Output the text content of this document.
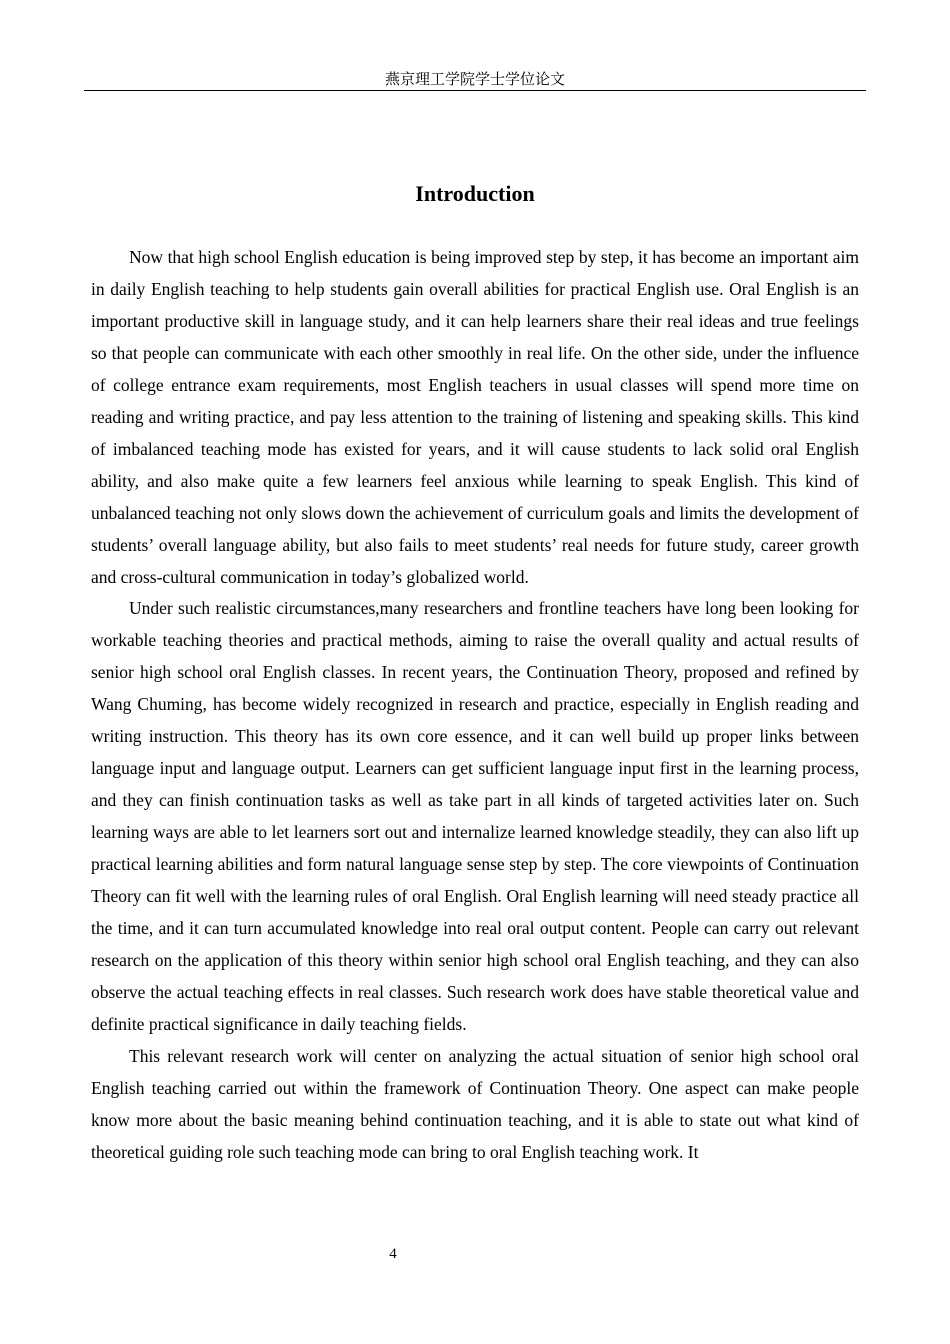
燕京理工学院学士学位论文
Introduction

Now that high school English education is being improved step by step, it has become an important aim in daily English teaching to help students gain overall abilities for practical English use. Oral English is an important productive skill in language study, and it can help learners share their real ideas and true feelings so that people can communicate with each other smoothly in real life. On the other side, under the influence of college entrance exam requirements, most English teachers in usual classes will spend more time on reading and writing practice, and pay less attention to the training of listening and speaking skills. This kind of imbalanced teaching mode has existed for years, and it will cause students to lack solid oral English ability, and also make quite a few learners feel anxious while learning to speak English. This kind of unbalanced teaching not only slows down the achievement of curriculum goals and limits the development of students’ overall language ability, but also fails to meet students’ real needs for future study, career growth and cross-cultural communication in today’s globalized world.

Under such realistic circumstances,many researchers and frontline teachers have long been looking for workable teaching theories and practical methods, aiming to raise the overall quality and actual results of senior high school oral English classes. In recent years, the Continuation Theory, proposed and refined by Wang Chuming, has become widely recognized in research and practice, especially in English reading and writing instruction. This theory has its own core essence, and it can well build up proper links between language input and language output. Learners can get sufficient language input first in the learning process, and they can finish continuation tasks as well as take part in all kinds of targeted activities later on. Such learning ways are able to let learners sort out and internalize learned knowledge steadily, they can also lift up practical learning abilities and form natural language sense step by step. The core viewpoints of Continuation Theory can fit well with the learning rules of oral English. Oral English learning will need steady practice all the time, and it can turn accumulated knowledge into real oral output content. People can carry out relevant research on the application of this theory within senior high school oral English teaching, and they can also observe the actual teaching effects in real classes. Such research work does have stable theoretical value and definite practical significance in daily teaching fields.

This relevant research work will center on analyzing the actual situation of senior high school oral English teaching carried out within the framework of Continuation Theory. One aspect can make people know more about the basic meaning behind continuation teaching, and it is able to state out what kind of theoretical guiding role such teaching mode can bring to oral English teaching work. It

4
